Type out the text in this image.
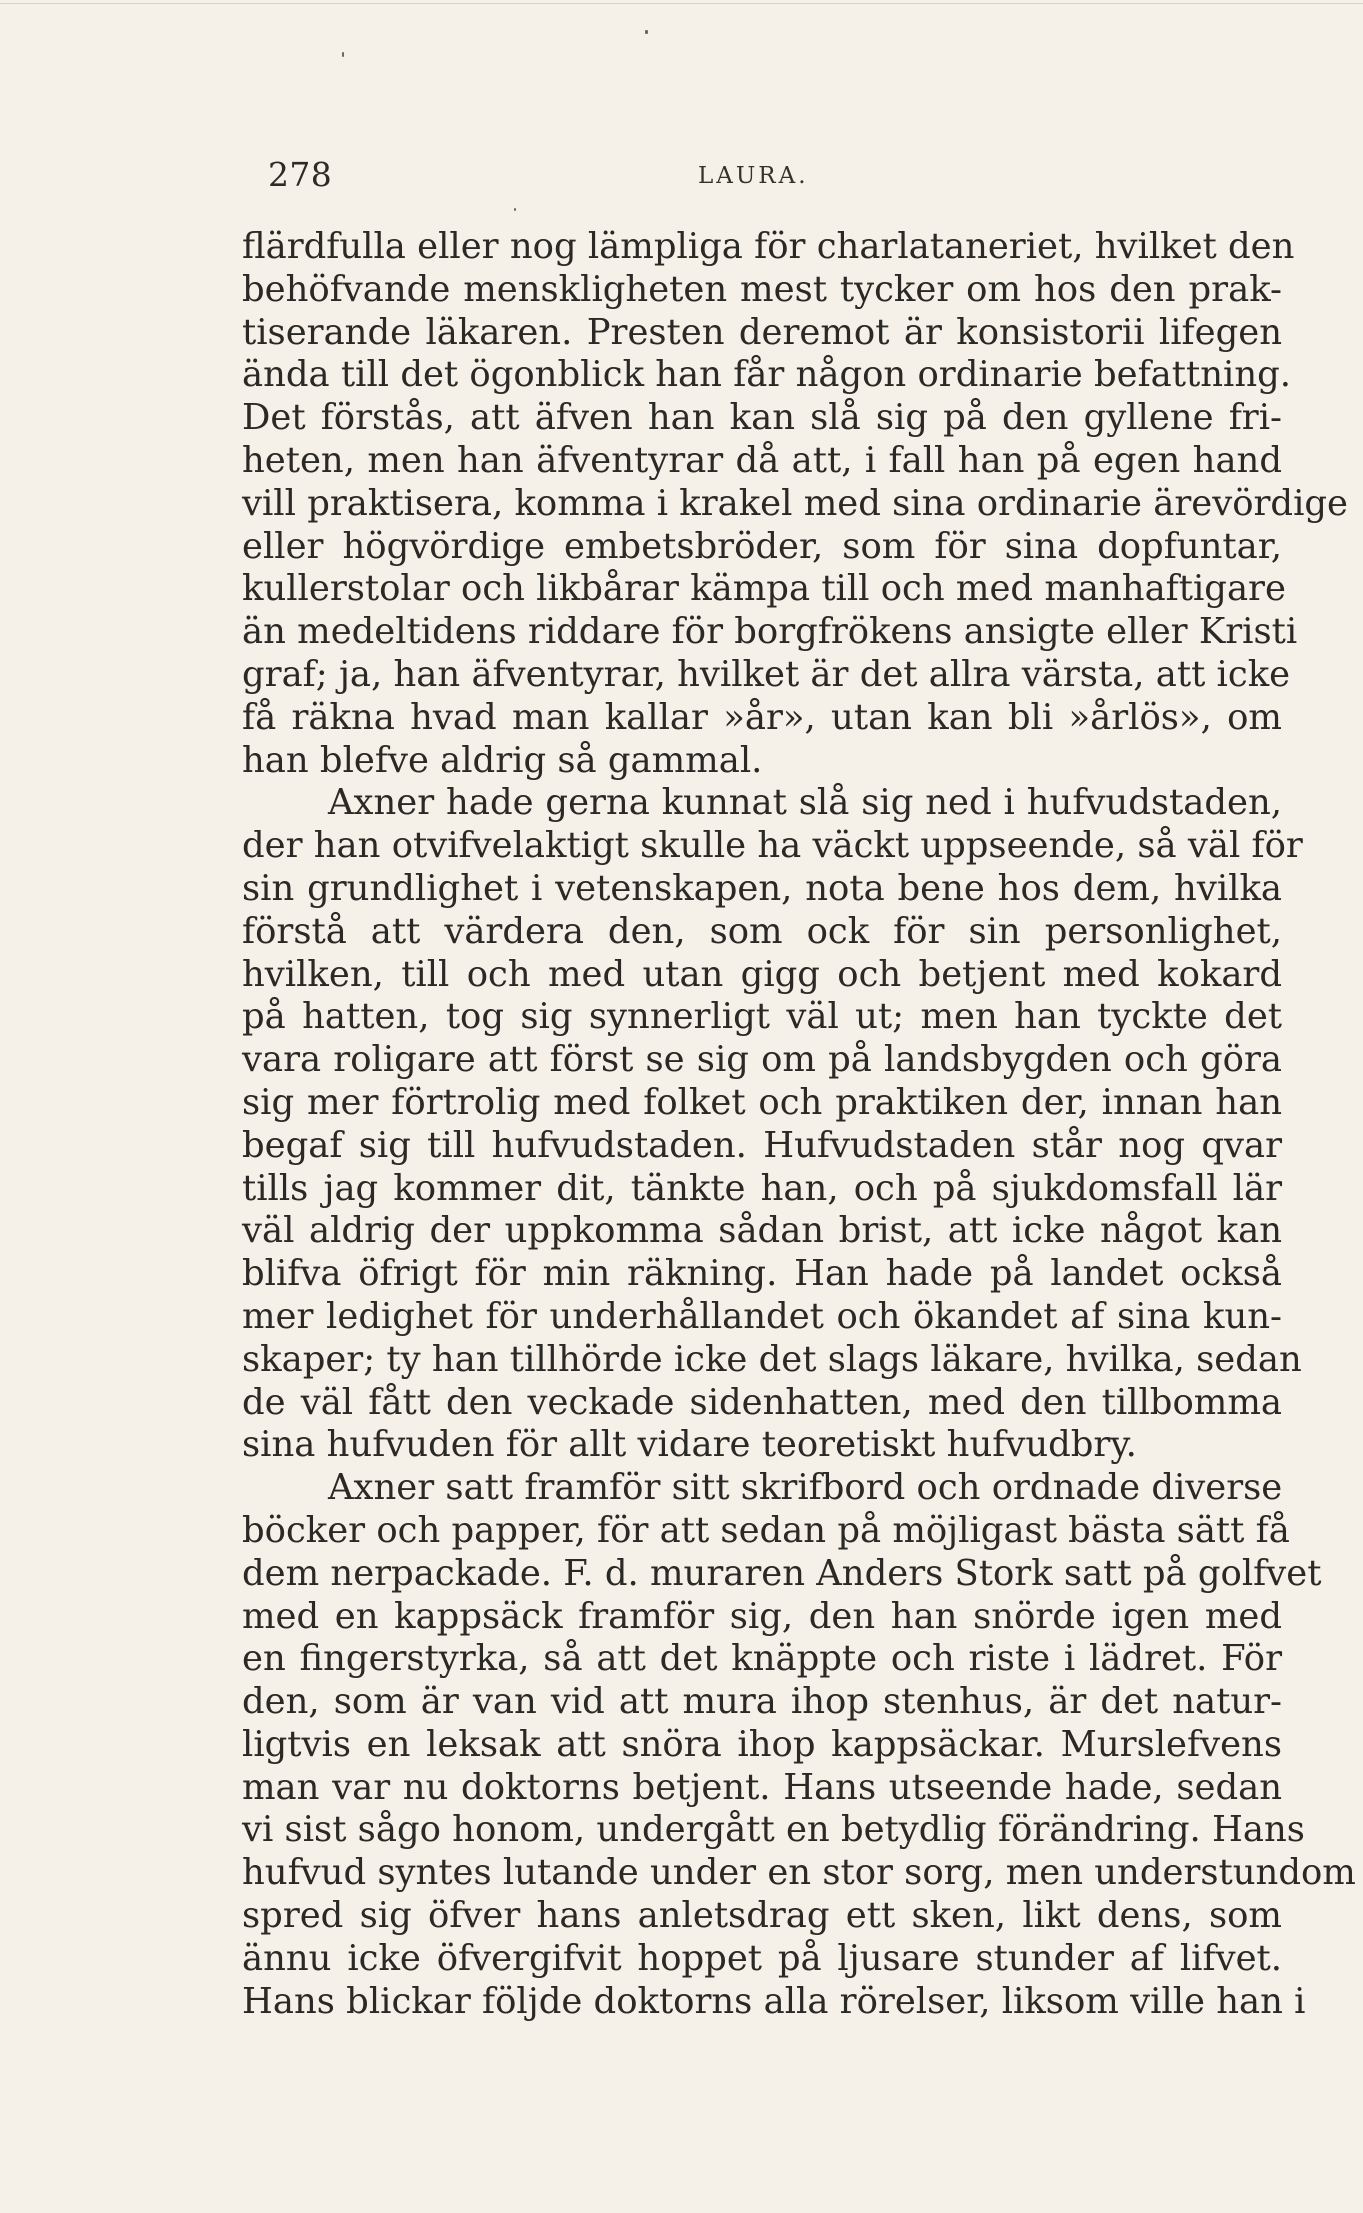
278	LAURA.
flärdfulla eller nog lämpliga för charlataneriet, hvilket den
behöfvande menskligheten mest tycker om hos den prak-
tiserande läkaren. Presten deremot är konsistorii lifegen
ända till det ögonblick han får någon ordinarie befattning.
Det förstås, att äfven han kan slå sig på den gyllene fri-
heten, men han äfventyrar då att, i fall han på egen hand
vill praktisera, komma i krakel med sina ordinarie ärevördige
eller högvördige embetsbröder, som för sina dopfuntar,
kullerstolar och likbårar kämpa till och med manhaftigare
än medeltidens riddare för borgfrökens ansigte eller Kristi
graf; ja, han äfventyrar, hvilket är det allra värsta, att icke
få räkna hvad man kallar »år», utan kan bli »årlös», om
han blefve aldrig så gammal.
Axner hade gerna kunnat slå sig ned i hufvudstaden,
der han otvifvelaktigt skulle ha väckt uppseende, så väl för
sin grundlighet i vetenskapen, nota bene hos dem, hvilka
förstå att värdera den, som ock för sin personlighet,
hvilken, till och med utan gigg och betjent med kokard
på hatten, tog sig synnerligt väl ut; men han tyckte det
vara roligare att först se sig om på landsbygden och göra
sig mer förtrolig med folket och praktiken der, innan han
begaf sig till hufvudstaden. Hufvudstaden står nog qvar
tills jag kommer dit, tänkte han, och på sjukdomsfall lär
väl aldrig der uppkomma sådan brist, att icke något kan
blifva öfrigt för min räkning. Han hade på landet också
mer ledighet för underhållandet och ökandet af sina kun-
skaper; ty han tillhörde icke det slags läkare, hvilka, sedan
de väl fått den veckade sidenhatten, med den tillbomma
sina hufvuden för allt vidare teoretiskt hufvudbry.
Axner satt framför sitt skrifbord och ordnade diverse
böcker och papper, för att sedan på möjligast bästa sätt få
dem nerpackade. F. d. muraren Anders Stork satt på golfvet
med en kappsäck framför sig, den han snörde igen med
en fingerstyrka, så att det knäppte och riste i lädret. För
den, som är van vid att mura ihop stenhus, är det natur-
ligtvis en leksak att snöra ihop kappsäckar. Murslefvens
man var nu doktorns betjent. Hans utseende hade, sedan
vi sist sågo honom, undergått en betydlig förändring. Hans
hufvud syntes lutande under en stor sorg, men understundom
spred sig öfver hans anletsdrag ett sken, likt dens, som
ännu icke öfvergifvit hoppet på ljusare stunder af lifvet.
Hans blickar följde doktorns alla rörelser, liksom ville han i
